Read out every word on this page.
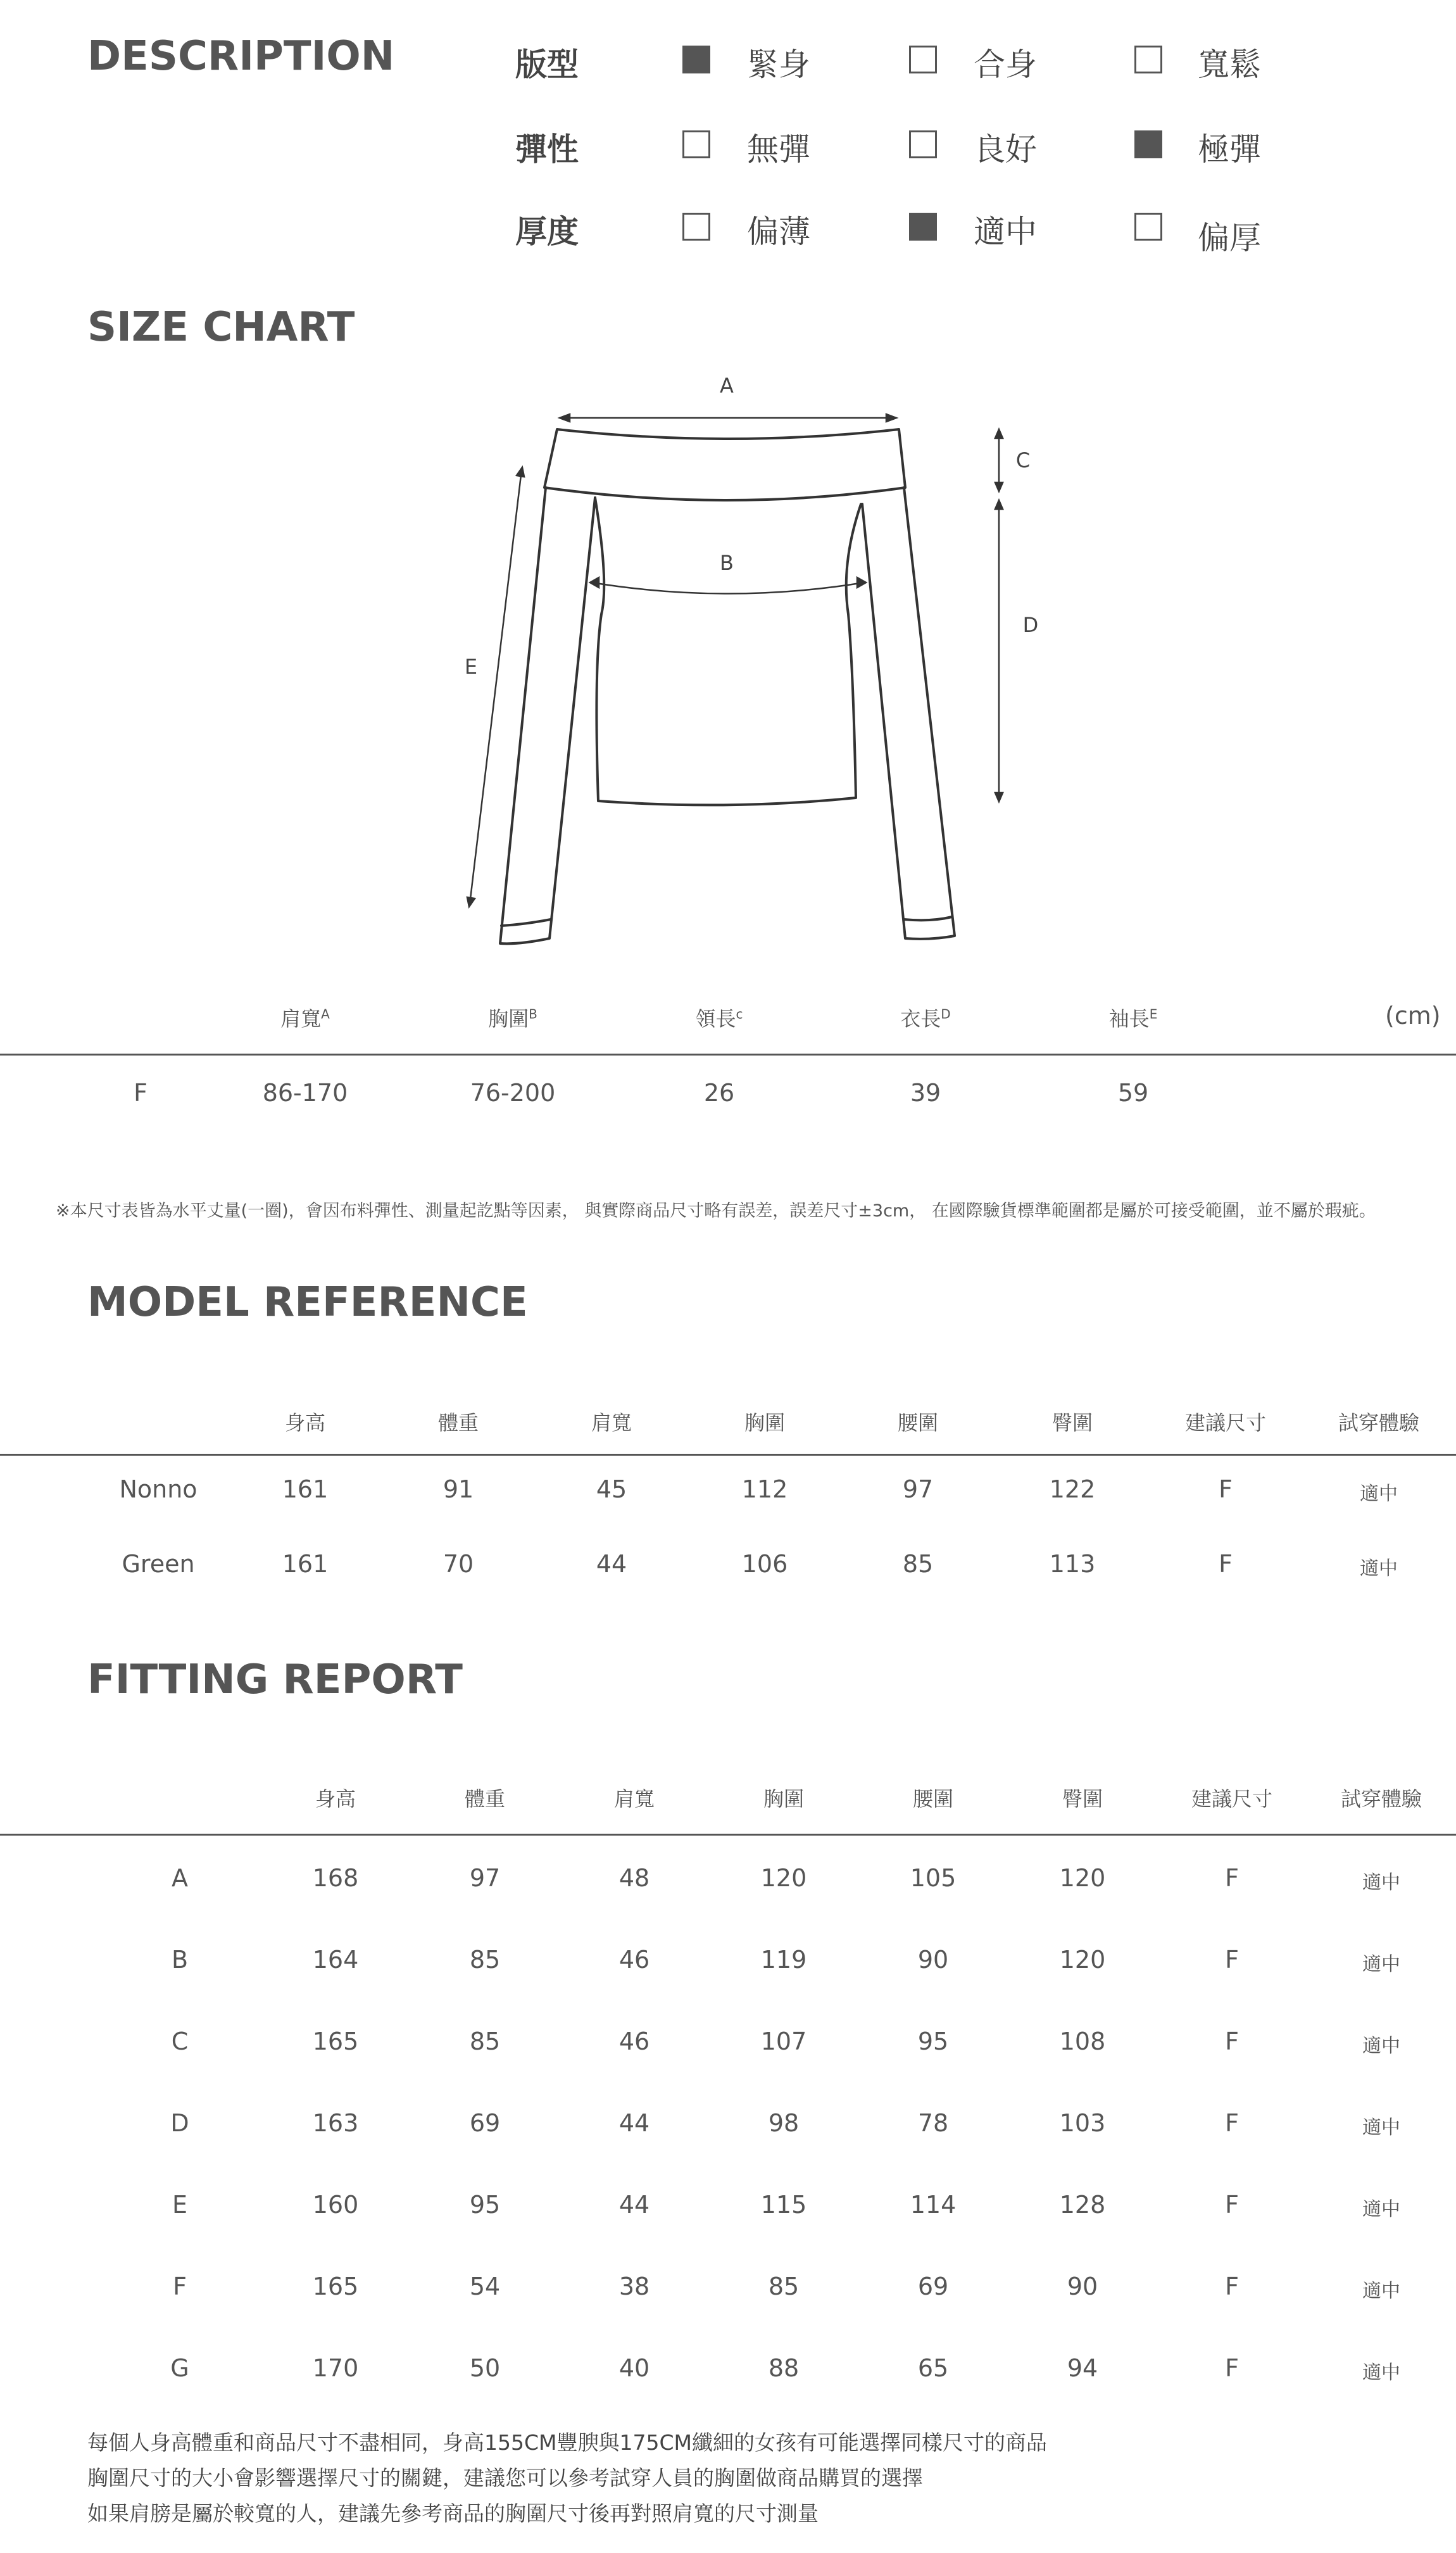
DESCRIPTION	版型	緊身	合身	寬鬆
彈性	無彈	良好	極彈
厚度	偏薄	適中	偏厚
SIZE CHART
A
B
C
D
E
肩寬$^A$	胸圍$^B$	領長$^c$	衣長$^D$	袖長$^E$	(cm)
F	86-170	76-200	26	39	59
※本尺寸表皆為水平丈量(一圈)，會因布料彈性、測量起訖點等因素， 與實際商品尺寸略有誤差，誤差尺寸±3cm， 在國際驗貨標準範圍都是屬於可接受範圍，並不屬於瑕疵。
MODEL REFERENCE
身高	體重	肩寬	胸圍	腰圍	臀圍	建議尺寸	試穿體驗
Nonno	161	91	45	112	97	122	F	適中
Green	161	70	44	106	85	113	F	適中
FITTING REPORT
身高	體重	肩寬	胸圍	腰圍	臀圍	建議尺寸	試穿體驗
A	168	97	48	120	105	120	F	適中
B	164	85	46	119	90	120	F	適中
C	165	85	46	107	95	108	F	適中
D	163	69	44	98	78	103	F	適中
E	160	95	44	115	114	128	F	適中
F	165	54	38	85	69	90	F	適中
G	170	50	40	88	65	94	F	適中
每個人身高體重和商品尺寸不盡相同，身高155CM豐腴與175CM纖細的女孩有可能選擇同樣尺寸的商品
胸圍尺寸的大小會影響選擇尺寸的關鍵，建議您可以參考試穿人員的胸圍做商品購買的選擇
如果肩膀是屬於較寬的人，建議先參考商品的胸圍尺寸後再對照肩寬的尺寸測量
